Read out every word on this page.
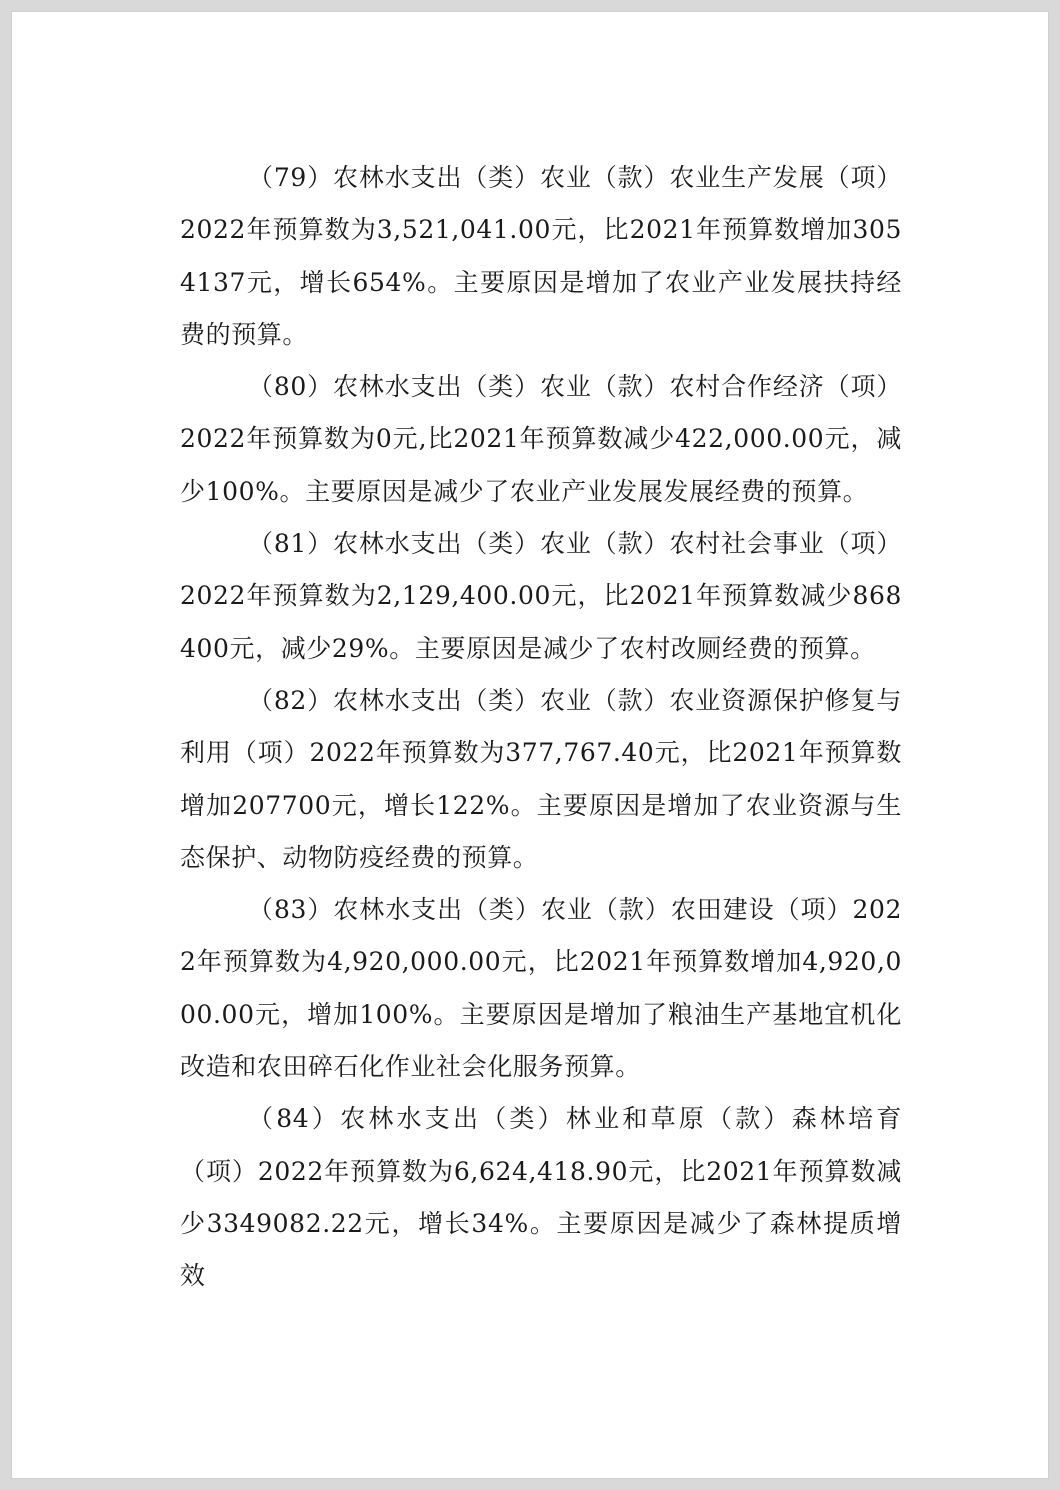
（79）农林水支出（类）农业（款）农业生产发展（项）2022年预算数为3,521,041.00元，比2021年预算数增加3054137元，增长654%。主要原因是增加了农业产业发展扶持经费的预算。

（80）农林水支出（类）农业（款）农村合作经济（项）2022年预算数为0元,比2021年预算数减少422,000.00元，减少100%。主要原因是减少了农业产业发展发展经费的预算。

（81）农林水支出（类）农业（款）农村社会事业（项）2022年预算数为2,129,400.00元，比2021年预算数减少868400元，减少29%。主要原因是减少了农村改厕经费的预算。

（82）农林水支出（类）农业（款）农业资源保护修复与利用（项）2022年预算数为377,767.40元，比2021年预算数增加207700元，增长122%。主要原因是增加了农业资源与生态保护、动物防疫经费的预算。

（83）农林水支出（类）农业（款）农田建设（项）2022年预算数为4,920,000.00元，比2021年预算数增加4,920,000.00元，增加100%。主要原因是增加了粮油生产基地宜机化改造和农田碎石化作业社会化服务预算。

（84）农林水支出（类）林业和草原（款）森林培育（项）2022年预算数为6,624,418.90元，比2021年预算数减少3349082.22元，增长34%。主要原因是减少了森林提质增效
